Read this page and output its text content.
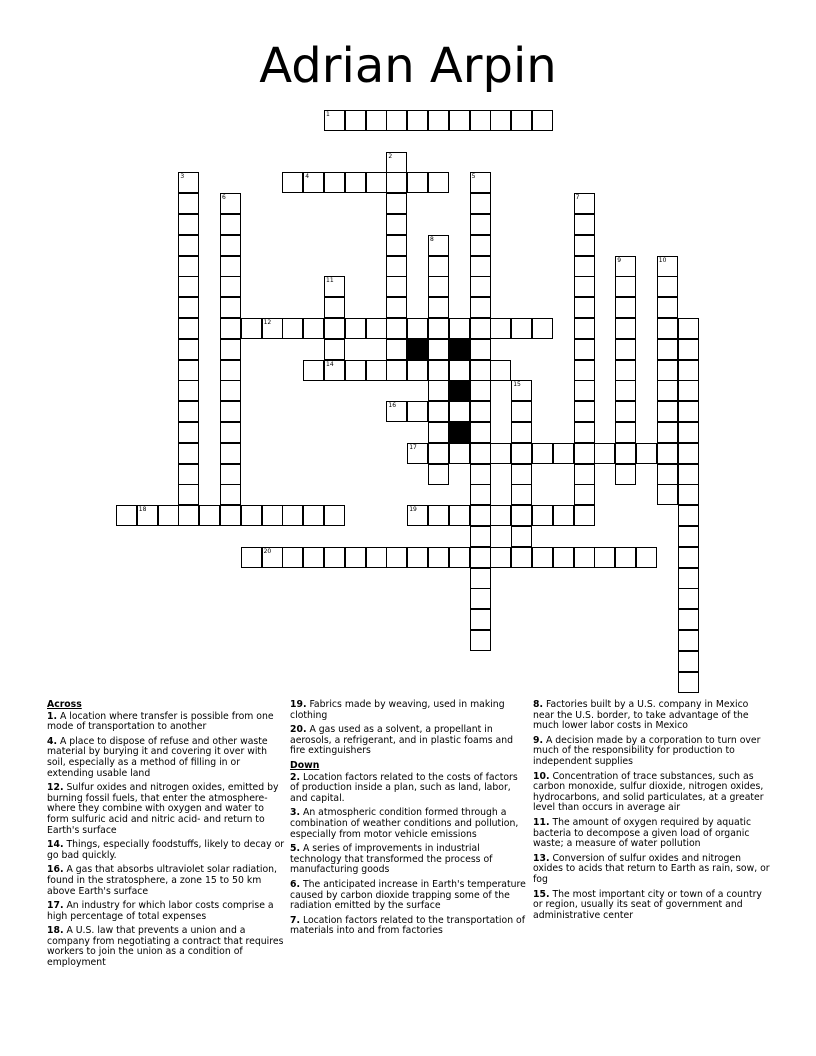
Adrian Arpin
1
2
3	4	5
6	7
8
9	10
11
12
14
15
16
17
18	19
20
Across
1. A location where transfer is possible from one mode of transportation to another
4. A place to dispose of refuse and other waste material by burying it and covering it over with soil, especially as a method of filling in or extending usable land
12. Sulfur oxides and nitrogen oxides, emitted by burning fossil fuels, that enter the atmosphere-where they combine with oxygen and water to form sulfuric acid and nitric acid- and return to Earth's surface
14. Things, especially foodstuffs, likely to decay or go bad quickly.
16. A gas that absorbs ultraviolet solar radiation, found in the stratosphere, a zone 15 to 50 km above Earth's surface
17. An industry for which labor costs comprise a high percentage of total expenses
18. A U.S. law that prevents a union and a company from negotiating a contract that requires workers to join the union as a condition of employment
19. Fabrics made by weaving, used in making clothing
20. A gas used as a solvent, a propellant in aerosols, a refrigerant, and in plastic foams and fire extinguishers
Down
2. Location factors related to the costs of factors of production inside a plan, such as land, labor, and capital.
3. An atmospheric condition formed through a combination of weather conditions and pollution, especially from motor vehicle emissions
5. A series of improvements in industrial technology that transformed the process of manufacturing goods
6. The anticipated increase in Earth's temperature caused by carbon dioxide trapping some of the radiation emitted by the surface
7. Location factors related to the transportation of materials into and from factories
8. Factories built by a U.S. company in Mexico near the U.S. border, to take advantage of the much lower labor costs in Mexico
9. A decision made by a corporation to turn over much of the responsibility for production to independent supplies
10. Concentration of trace substances, such as carbon monoxide, sulfur dioxide, nitrogen oxides, hydrocarbons, and solid particulates, at a greater level than occurs in average air
11. The amount of oxygen required by aquatic bacteria to decompose a given load of organic waste; a measure of water pollution
13. Conversion of sulfur oxides and nitrogen oxides to acids that return to Earth as rain, sow, or fog
15. The most important city or town of a country or region, usually its seat of government and administrative center
